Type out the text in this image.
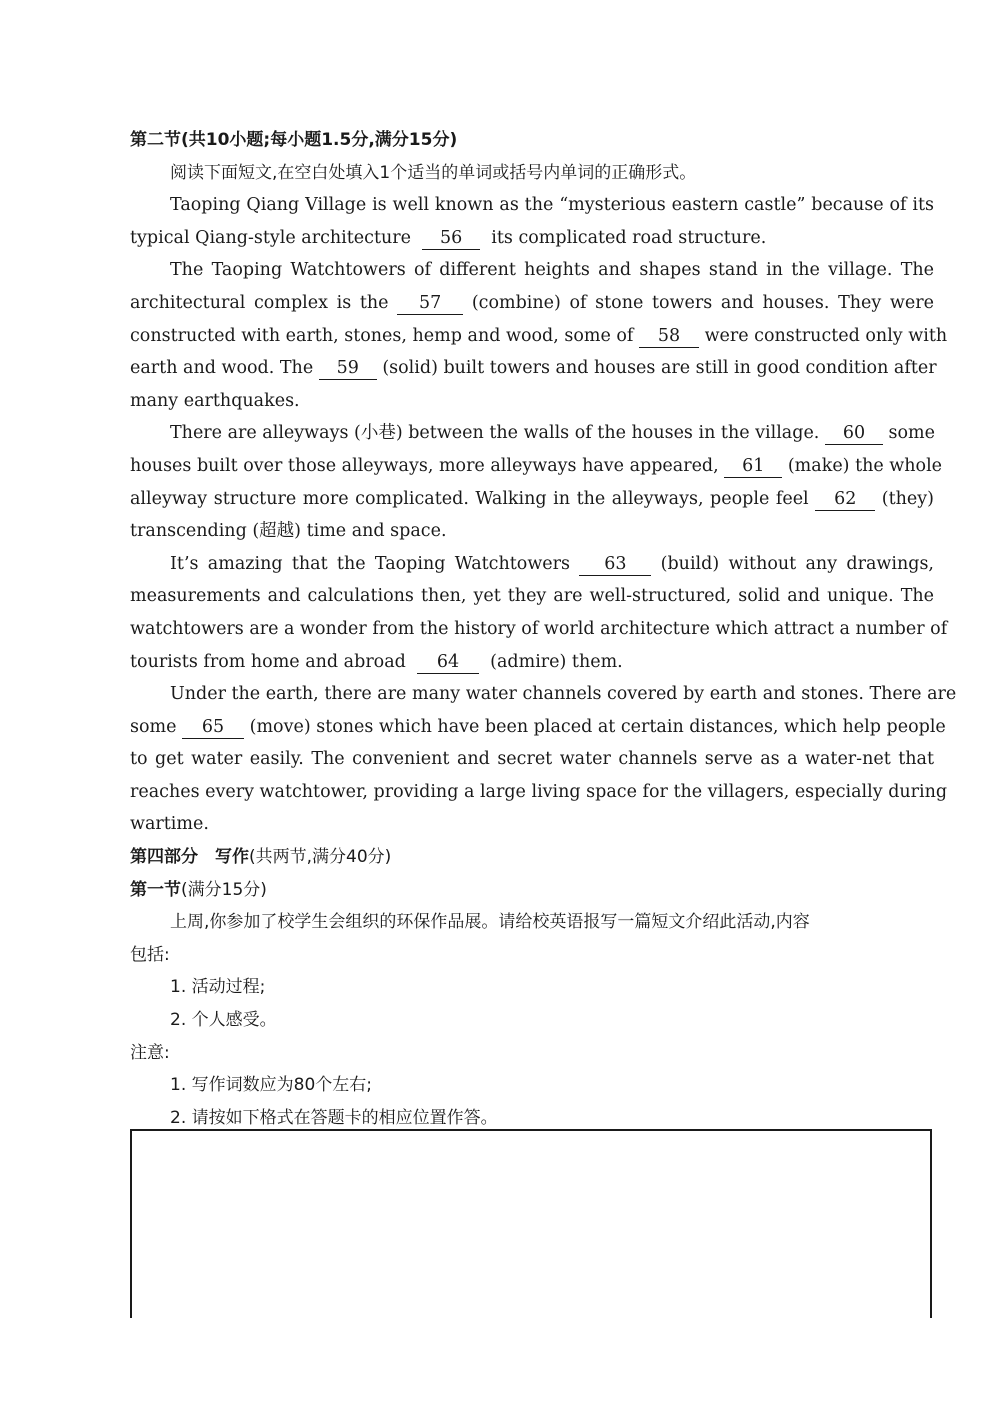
第二节(共10小题;每小题1.5分,满分15分)
阅读下面短文,在空白处填入1个适当的单词或括号内单词的正确形式。
Taoping Qiang Village is well known as the “mysterious eastern castle” because of its
typical Qiang-style architecture 56 its complicated road structure.
The Taoping Watchtowers of different heights and shapes stand in the village. The
architectural complex is the 57 (combine) of stone towers and houses. They were
constructed with earth, stones, hemp and wood, some of 58 were constructed only with
earth and wood. The 59 (solid) built towers and houses are still in good condition after
many earthquakes.
There are alleyways (小巷) between the walls of the houses in the village. 60 some
houses built over those alleyways, more alleyways have appeared, 61 (make) the whole
alleyway structure more complicated. Walking in the alleyways, people feel 62 (they)
transcending (超越) time and space.
It’s amazing that the Taoping Watchtowers 63 (build) without any drawings,
measurements and calculations then, yet they are well-structured, solid and unique. The
watchtowers are a wonder from the history of world architecture which attract a number of
tourists from home and abroad 64 (admire) them.
Under the earth, there are many water channels covered by earth and stones. There are
some 65 (move) stones which have been placed at certain distances, which help people
to get water easily. The convenient and secret water channels serve as a water-net that
reaches every watchtower, providing a large living space for the villagers, especially during
wartime.
第四部分　写作(共两节,满分40分)
第一节(满分15分)
上周,你参加了校学生会组织的环保作品展。请给校英语报写一篇短文介绍此活动,内容
包括:
1. 活动过程;
2. 个人感受。
注意:
1. 写作词数应为80个左右;
2. 请按如下格式在答题卡的相应位置作答。
